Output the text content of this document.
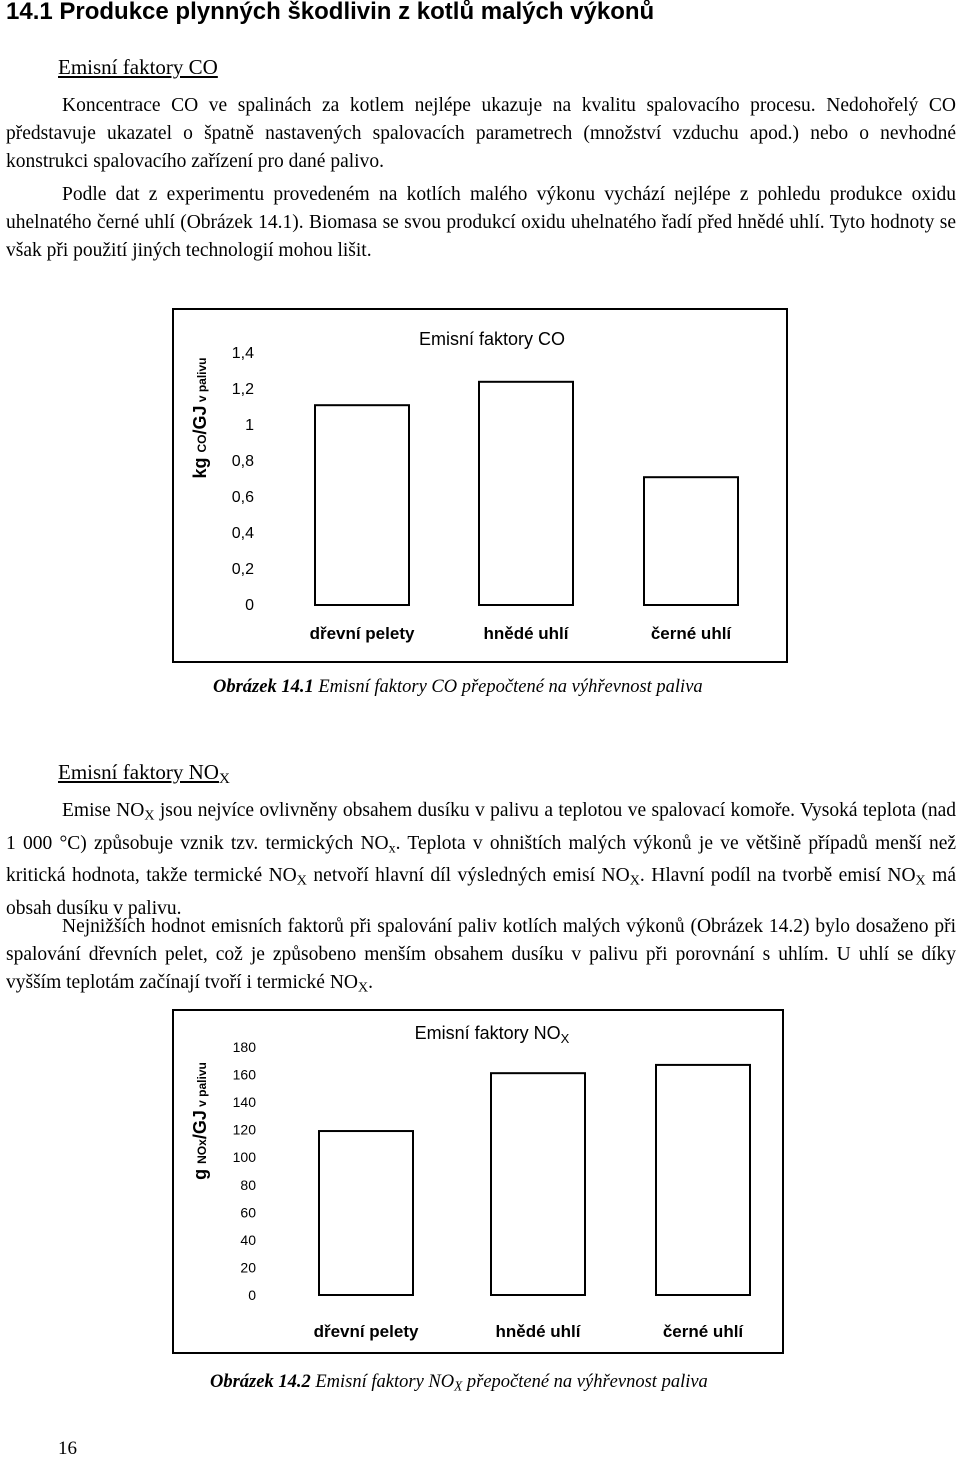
14.1 Produkce plynných škodlivin z kotlů malých výkonů
Emisní faktory CO

Koncentrace CO ve spalinách za kotlem nejlépe ukazuje na kvalitu spalovacího procesu. Nedohořelý CO představuje ukazatel o špatně nastavených spalovacích parametrech (množství vzduchu apod.) nebo o nevhodné konstrukci spalovacího zařízení pro dané palivo.

Podle dat z experimentu provedeném na kotlích malého výkonu vychází nejlépe z pohledu produkce oxidu uhelnatého černé uhlí (Obrázek 14.1). Biomasa se svou produkcí oxidu uhelnatého řadí před hnědé uhlí. Tyto hodnoty se však při použití jiných technologií mohou lišit.

Emisní faktory CO
kg CO/GJ v palivu
0
0,2
0,4
0,6
0,8
1
1,2
1,4
dřevní pelety	hnědé uhlí	černé uhlí
Obrázek 14.1 Emisní faktory CO přepočtené na výhřevnost paliva
Emisní faktory $NO_X$

Emise $NO_X$ jsou nejvíce ovlivněny obsahem dusíku v palivu a teplotou ve spalovací komoře. Vysoká teplota (nad 1 000 °C) způsobuje vznik tzv. termických $NO_x$. Teplota v ohništích malých výkonů je ve většině případů menší než kritická hodnota, takže termické $NO_X$ netvoří hlavní díl výsledných emisí $NO_X$. Hlavní podíl na tvorbě emisí $NO_X$ má obsah dusíku v palivu.

Nejnižších hodnot emisních faktorů při spalování paliv kotlích malých výkonů (Obrázek 14.2) bylo dosaženo při spalování dřevních pelet, což je způsobeno menším obsahem dusíku v palivu při porovnání s uhlím. U uhlí se díky vyšším teplotám začínají tvoří i termické $NO_X$.

Emisní faktory $NO_X$
g NOx/GJ v palivu
0
20
40
60
80
100
120
140
160
180
dřevní pelety	hnědé uhlí	černé uhlí
Obrázek 14.2 Emisní faktory $NO_X$ přepočtené na výhřevnost paliva
16
